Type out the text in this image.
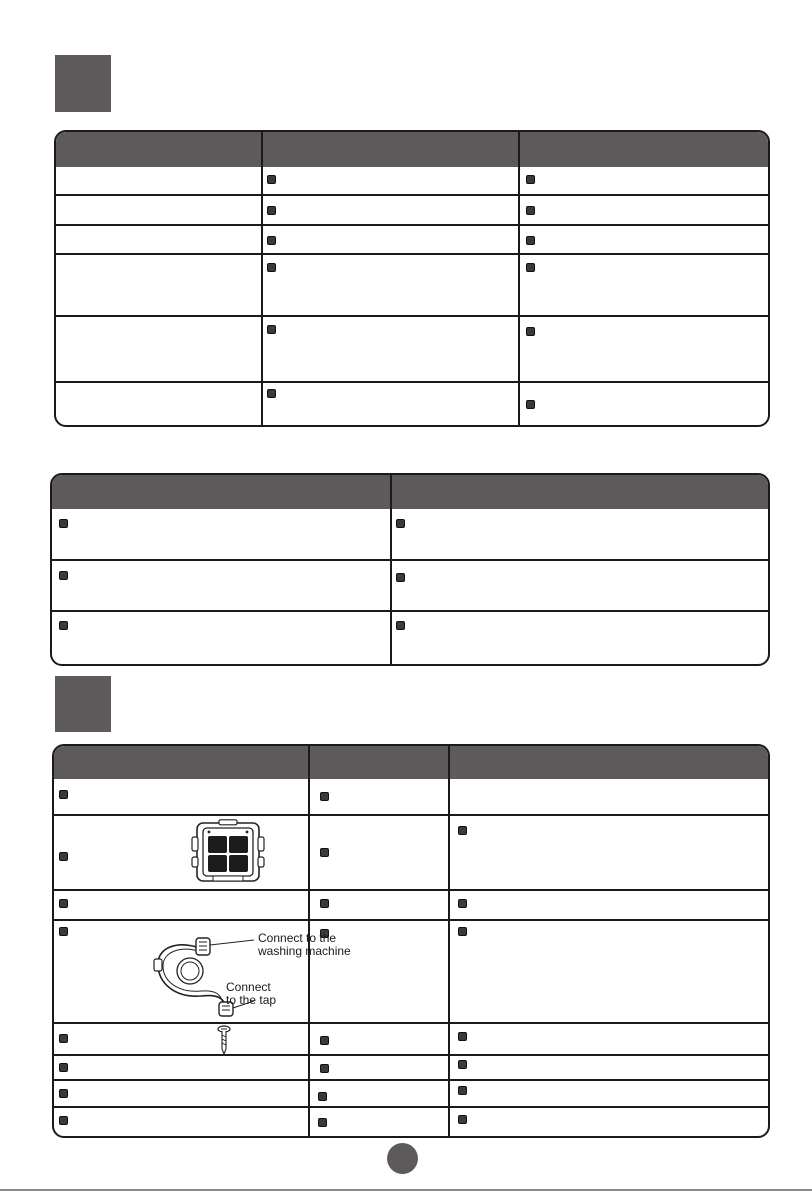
Connect to the
washing machine
Connect
to the tap
